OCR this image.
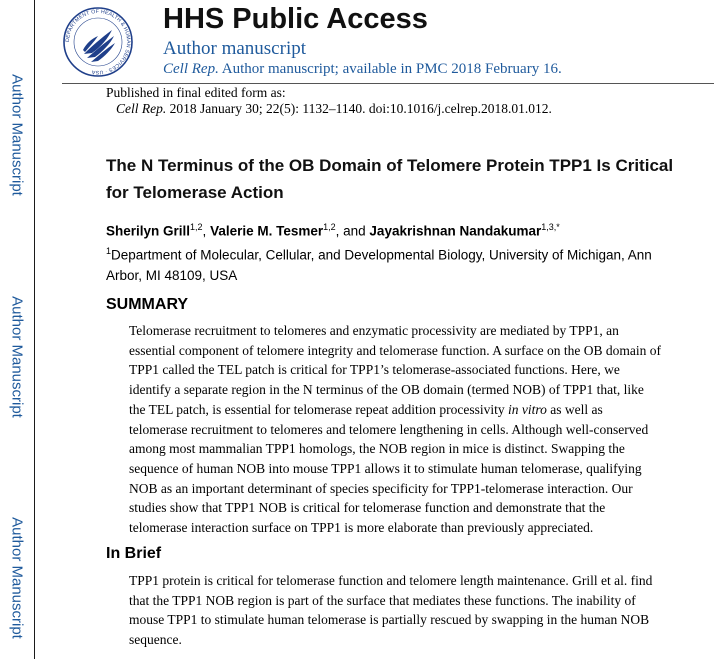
Author Manuscript
Author Manuscript
Author Manuscript
DEPARTMENT OF HEALTH & HUMAN SERVICES · USA
HHS Public Access
Author manuscript
Cell Rep. Author manuscript; available in PMC 2018 February 16.
Published in final edited form as:
Cell Rep. 2018 January 30; 22(5): 1132–1140. doi:10.1016/j.celrep.2018.01.012.
The N Terminus of the OB Domain of Telomere Protein TPP1 Is Critical for Telomerase Action
Sherilyn Grill$^{1,2}$, Valerie M. Tesmer$^{1,2}$, and Jayakrishnan Nandakumar$^{1,3,*}$
$^1$Department of Molecular, Cellular, and Developmental Biology, University of Michigan, Ann Arbor, MI 48109, USA
SUMMARY
Telomerase recruitment to telomeres and enzymatic processivity are mediated by TPP1, an
essential component of telomere integrity and telomerase function. A surface on the OB domain of
TPP1 called the TEL patch is critical for TPP1’s telomerase-associated functions. Here, we
identify a separate region in the N terminus of the OB domain (termed NOB) of TPP1 that, like
the TEL patch, is essential for telomerase repeat addition processivity in vitro as well as
telomerase recruitment to telomeres and telomere lengthening in cells. Although well-conserved
among most mammalian TPP1 homologs, the NOB region in mice is distinct. Swapping the
sequence of human NOB into mouse TPP1 allows it to stimulate human telomerase, qualifying
NOB as an important determinant of species specificity for TPP1-telomerase interaction. Our
studies show that TPP1 NOB is critical for telomerase function and demonstrate that the
telomerase interaction surface on TPP1 is more elaborate than previously appreciated.
In Brief
TPP1 protein is critical for telomerase function and telomere length maintenance. Grill et al. find
that the TPP1 NOB region is part of the surface that mediates these functions. The inability of
mouse TPP1 to stimulate human telomerase is partially rescued by swapping in the human NOB
sequence.
